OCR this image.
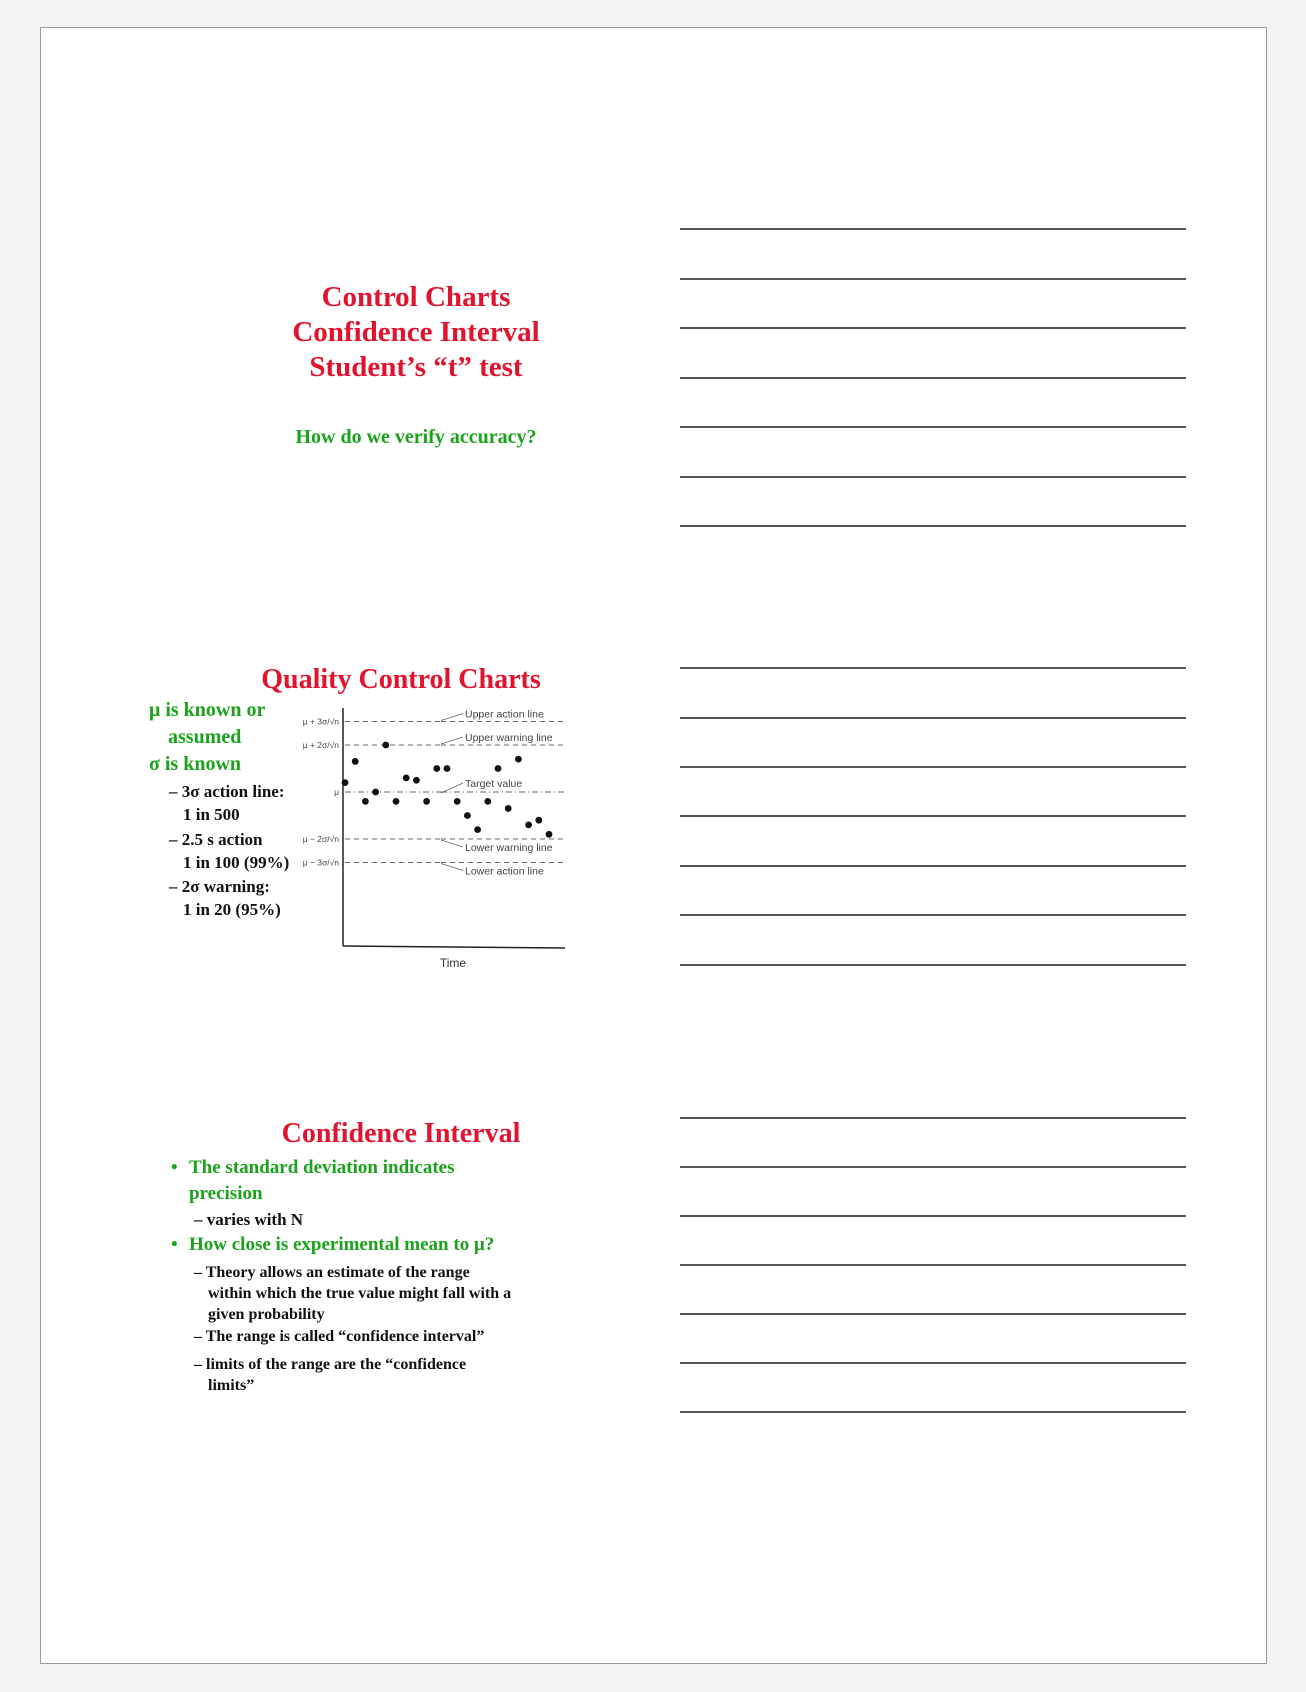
Control Charts
Confidence Interval
Student’s “t” test
How do we verify accuracy?
Quality Control Charts
μ is known or
assumed
σ is known
– 3σ action line:
1 in 500
– 2.5 s action
1 in 100 (99%)
– 2σ warning:
1 in 20 (95%)
μ + 3σ/√n
μ + 2σ/√n
μ
μ − 2σ/√n
μ − 3σ/√n
Upper action line
Upper warning line
Target value
Lower warning line
Lower action line
Time
Confidence Interval
• The standard deviation indicates
precision
– varies with N
• How close is experimental mean to μ?
– Theory allows an estimate of the range
within which the true value might fall with a
given probability
– The range is called “confidence interval”
– limits of the range are the “confidence
limits”
